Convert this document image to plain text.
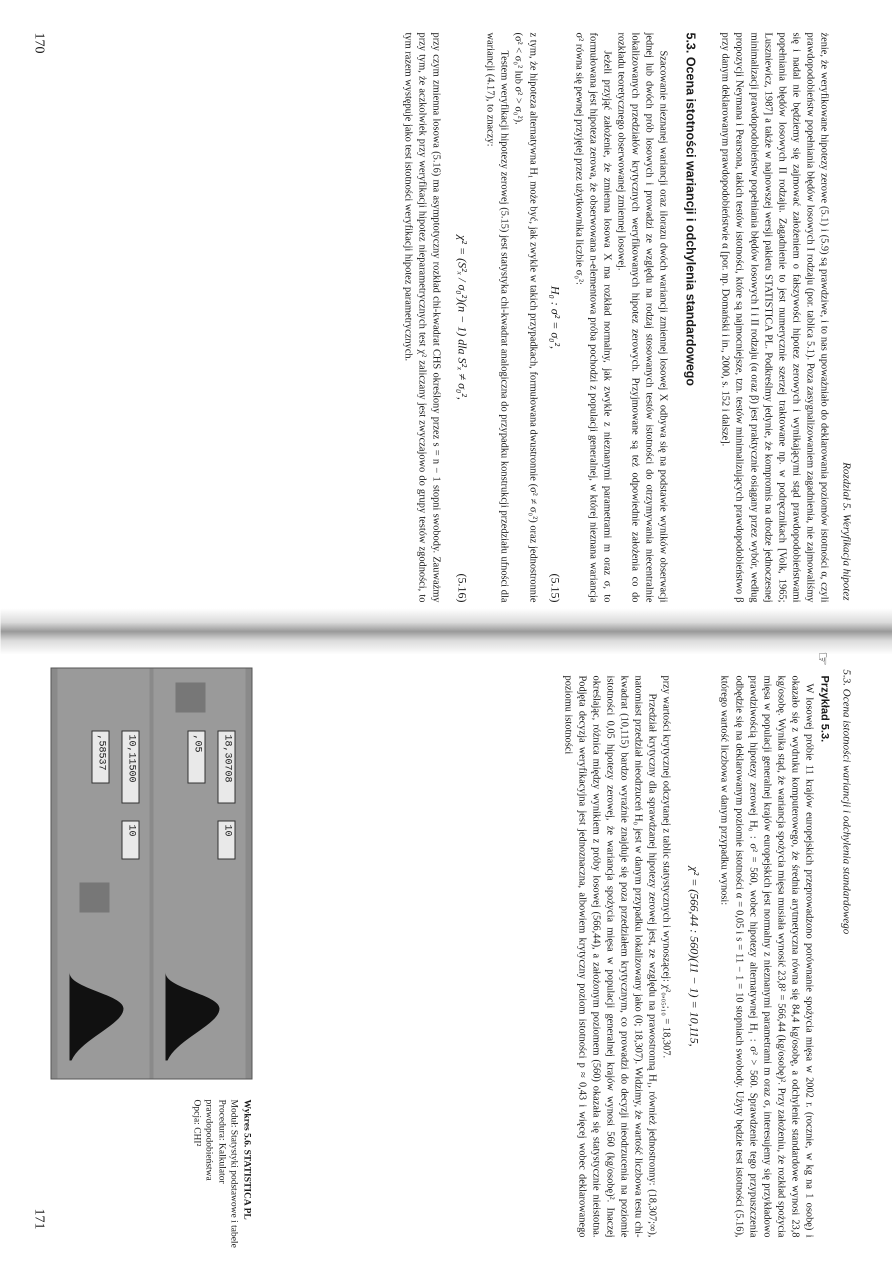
Rozdział 5. Weryfikacja hipotez

żenie, że weryfikowane hipotezy zerowe (5.1) i (5.9) są prawdziwe, i to nas upoważniało do deklarowania poziomów istotności α, czyli prawdopodobieństw popełniania błędów losowych I rodzaju (por. tablica 5.1). Poza zasygnalizowaniem zagadnienia, nie zajmowaliśmy się i nadal nie będziemy się zajmować założeniem o fałszywości hipotez zerowych i wynikającymi stąd prawdopodobieństwami popełniania błędów losowych II rodzaju. Zagadnienie to jest numerycznie szerzej traktowane np. w podręcznikach [Volk, 1965; Luszniewicz, 1987] a także w najnowszej wersji pakietu STATISTICA PL. Podkreślmy jedynie, że kompromis na drodze jednoczesnej minimalizacji prawdopodobieństw popełniania błędów losowych I i II rodzaju (α oraz β) jest praktycznie osiągany przez wybór, według propozycji Neymana i Pearsona, takich testów istotności, które są najmocniejsze, tzn. testów minimalizujących prawdopodobieństwo β przy danym deklarowanym prawdopodobieństwie α [por. np. Domański i in., 2000, s. 152 i dalsze].

5.3. Ocena istotności wariancji i odchylenia standardowego

Szacowanie nieznanej wariancji oraz ilorazu dwóch wariancji zmiennej losowej X odbywa się na podstawie wyników obserwacji jednej lub dwóch prób losowych i prowadzi ze względu na rodzaj stosowanych testów istotności do otrzymywania niecentralnie lokalizowanych przedziałów krytycznych weryfikowanych hipotez zerowych. Przyjmowane są też odpowiednie założenia co do rozkładu teoretycznego obserwowanej zmiennej losowej.

Jeżeli przyjąć założenie, że zmienna losowa X ma rozkład normalny, jak zwykle z nieznanymi parametrami m oraz σ, to formułowana jest hipoteza zerowa, że obserwowana n-elementowa próba pochodzi z populacji generalnej, w której nieznana wariancja σ² równa się pewnej przyjętej przez użytkownika liczbie σ₀²:

H₀ : σ² = σ₀²,
(5.15)

z tym, że hipoteza alternatywna H₁ może być, jak zwykle w takich przypadkach, formułowana dwustronnie (σ² ≠ σ₀²) oraz jednostronnie (σ² < σ₀² lub σ² > σ₀²).

Testem weryfikacji hipotezy zerowej (5.15) jest statystyka chi-kwadrat analogiczna do przypadku konstrukcji przedziału ufności dla wariancji (4.17), to znaczy:

χ² = (S²ₓ / σ₀²)(n − 1) dla S²ₓ ≠ σ₀²,
(5.16)

przy czym zmienna losowa (5.16) ma asymptotyczny rozkład chi-kwadrat CHS określony przez s = n − 1 stopni swobody. Zauważmy przy tym, że aczkolwiek przy weryfikacji hipotez nieparametrycznych test χ² zaliczany jest zwyczajowo do grupy testów zgodności, to tym razem występuje jako test istotności weryfikacji hipotez parametrycznych.

170
5.3. Ocena istotności wariancji i odchylenia standardowego
☞
Przykład 5.3.

W losowej próbie 11 krajów europejskich przeprowadzono porównanie spożycia mięsa w 2002 r. (rocznie, w kg na 1 osobę) i okazało się z wydruku komputerowego, że średnia arytmetyczna równa się 84,4 kg/osobę, a odchylenie standardowe wynosi 23,8 kg/osobę. Wynika stąd, że wariancja spożycia mięsa musiała wynosić 23,8² = 566,44 (kg/osobę)². Przy założeniu, że rozkład spożycia mięsa w populacji generalnej krajów europejskich jest normalny z nieznanymi parametrami m oraz σ, interesujemy się przykładowo prawdziwością hipotezy zerowej H₀ : σ² = 560, wobec hipotezy alternatywnej H₁ : σ² > 560. Sprawdzenie tego przypuszczenia odbędzie się na deklarowanym poziomie istotności α = 0,05 i s = 11 − 1 = 10 stopniach swobody. Użyty będzie test istotności (5.16), którego wartość liczbowa w danym przypadku wynosi:

χ² = (566,44 : 560)(11 − 1) = 10,115,

przy wartości krytycznej odczytanej z tablic statystycznych i wynoszącej: χ²₀,₀₅;₁₀ = 18,307.

Przedział krytyczny dla sprawdzanej hipotezy zerowej jest, ze względu na prawostronną H₁, również jednostronny: (18,307;∞), natomiast przedział nieodrzuceń H₀ jest w danym przypadku lokalizowany jako (0; 18,307). Widzimy, że wartość liczbowa testu chi-kwadrat (10,115) bardzo wyraźnie znajduje się poza przedziałem krytycznym, co prowadzi do decyzji nieodrzucenia na poziomie istotności 0,05 hipotezy zerowej, że wariancja spożycia mięsa w populacji generalnej krajów wynosi 560 (kg/osobę)². Inaczej określając, różnica między wynikiem z próby losowej (566,44), a założonym poziomem (560) okazała się statystycznie nieistotna. Podjęta decyzja weryfikacyjna jest jednoznaczna, albowiem krytyczny poziom istotności p ≈ 0,43 i więcej wobec deklarowanego poziomu istotności

18,30708
10
,05
10,11500
10
,58537
Wykres 5.6. STATISTICA PL
Moduł: Statystyki podstawowe i tabele
Procedura: Kalkulator prawdopodobieństwa
Opcja: CHI²
171
